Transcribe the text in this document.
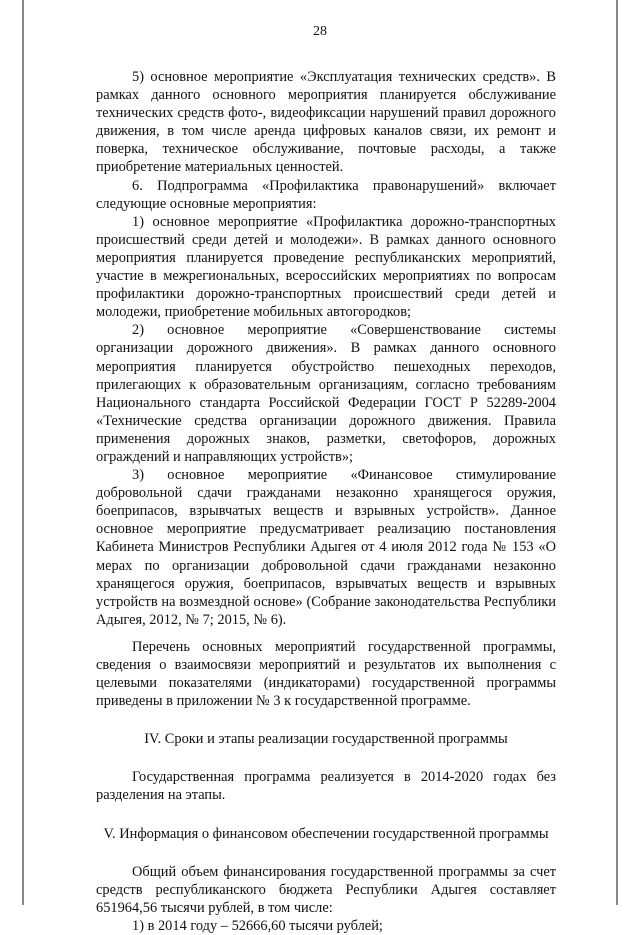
28

5) основное мероприятие «Эксплуатация технических средств». В рамках данного основного мероприятия планируется обслуживание технических средств фото-, видеофиксации нарушений правил дорожного движения, в том числе аренда цифровых каналов связи, их ремонт и поверка, техническое обслуживание, почтовые расходы, а также приобретение материальных ценностей.

6. Подпрограмма «Профилактика правонарушений» включает следующие основные мероприятия:

1) основное мероприятие «Профилактика дорожно-транспортных происшествий среди детей и молодежи». В рамках данного основного мероприятия планируется проведение республиканских мероприятий, участие в межрегиональных, всероссийских мероприятиях по вопросам профилактики дорожно-транспортных происшествий среди детей и молодежи, приобретение мобильных автогородков;

2) основное мероприятие «Совершенствование системы организации дорожного движения». В рамках данного основного мероприятия планируется обустройство пешеходных переходов, прилегающих к образовательным организациям, согласно требованиям Национального стандарта Российской Федерации ГОСТ Р 52289-2004 «Технические средства организации дорожного движения. Правила применения дорожных знаков, разметки, светофоров, дорожных ограждений и направляющих устройств»;

3) основное мероприятие «Финансовое стимулирование добровольной сдачи гражданами незаконно хранящегося оружия, боеприпасов, взрывчатых веществ и взрывных устройств». Данное основное мероприятие предусматривает реализацию постановления Кабинета Министров Республики Адыгея от 4 июля 2012 года № 153 «О мерах по организации добровольной сдачи гражданами незаконно хранящегося оружия, боеприпасов, взрывчатых веществ и взрывных устройств на возмездной основе» (Собрание законодательства Республики Адыгея, 2012, № 7; 2015, № 6).

Перечень основных мероприятий государственной программы, сведения о взаимосвязи мероприятий и результатов их выполнения с целевыми показателями (индикаторами) государственной программы приведены в приложении № 3 к государственной программе.

IV. Сроки и этапы реализации государственной программы

Государственная программа реализуется в 2014-2020 годах без разделения на этапы.

V. Информация о финансовом обеспечении государственной программы

Общий объем финансирования государственной программы за счет средств республиканского бюджета Республики Адыгея составляет 651964,56 тысячи рублей, в том числе:

1) в 2014 году – 52666,60 тысячи рублей;
